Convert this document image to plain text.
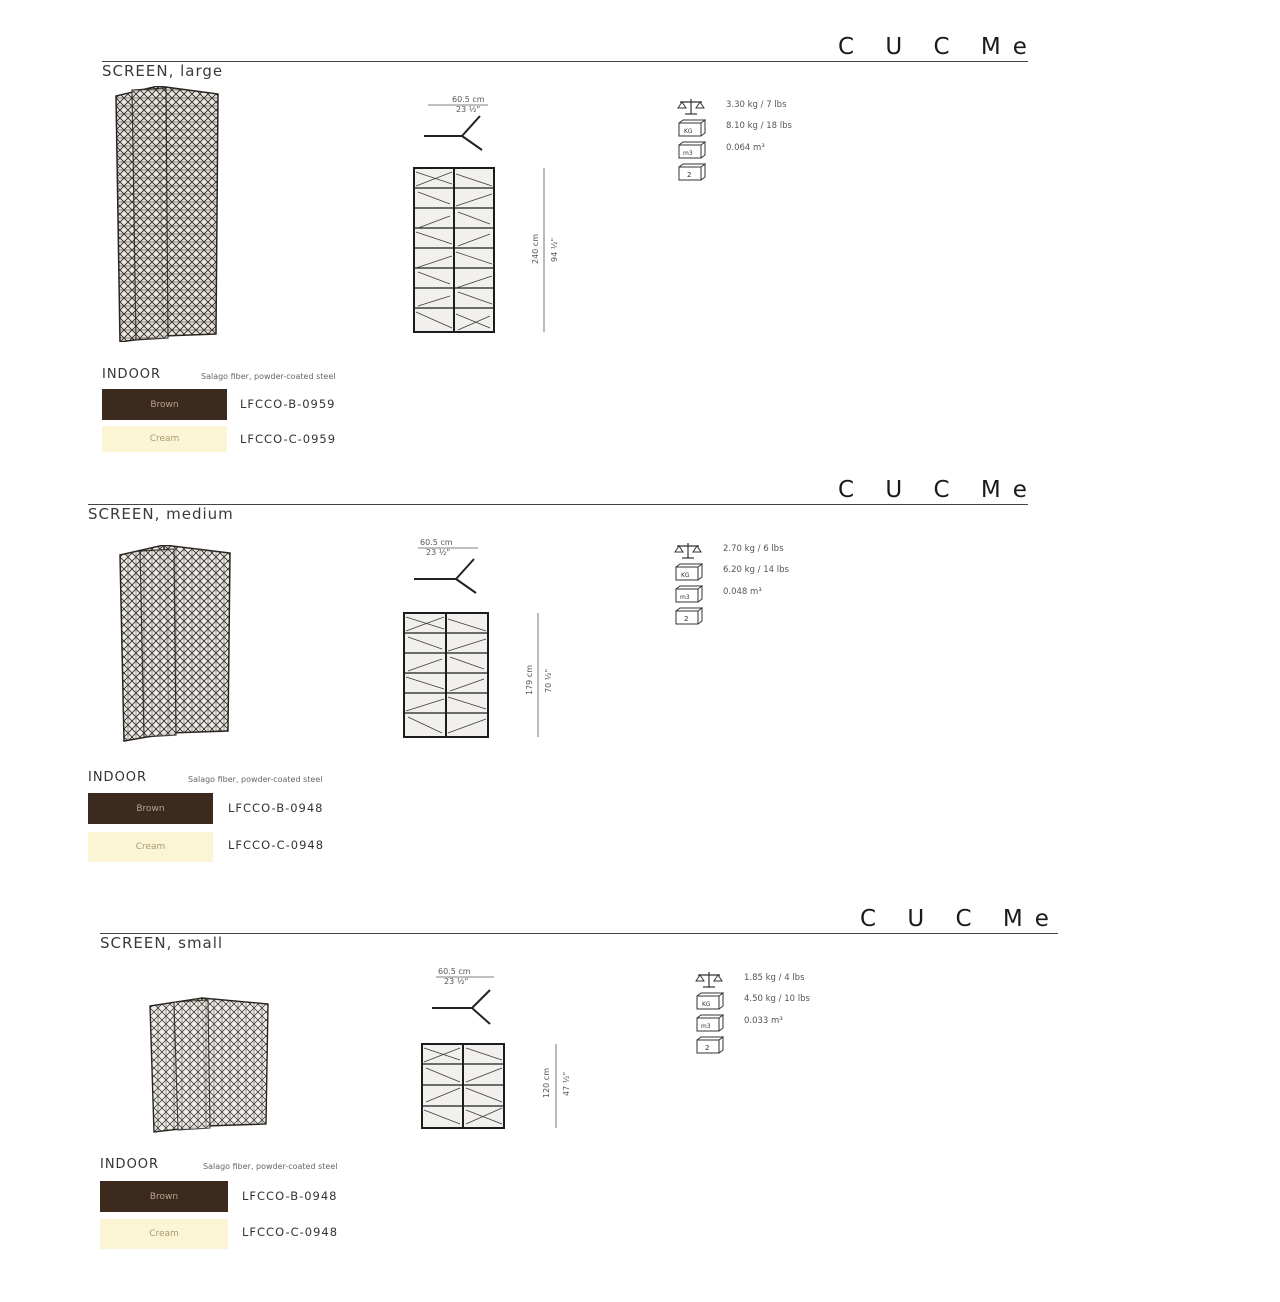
C U C Me
SCREEN, large
60.5 cm
23 ½"
240 cm 94 ½"
3.30 kg / 7 lbs
KG
8.10 kg / 18 lbs
m3
0.064 m³
2
INDOOR	Salago fiber, powder-coated steel
Brown	LFCCO-B-0959
Cream	LFCCO-C-0959
C U C Me
SCREEN, medium
60.5 cm
23 ½"
179 cm 70 ½"
2.70 kg / 6 lbs
KG
6.20 kg / 14 lbs
m3
0.048 m³
2
INDOOR	Salago fiber, powder-coated steel
Brown	LFCCO-B-0948
Cream	LFCCO-C-0948
C U C Me
SCREEN, small
60.5 cm
23 ½"
120 cm 47 ½"
1.85 kg / 4 lbs
KG
4.50 kg / 10 lbs
m3
0.033 m³
2
INDOOR	Salago fiber, powder-coated steel
Brown	LFCCO-B-0948
Cream	LFCCO-C-0948
